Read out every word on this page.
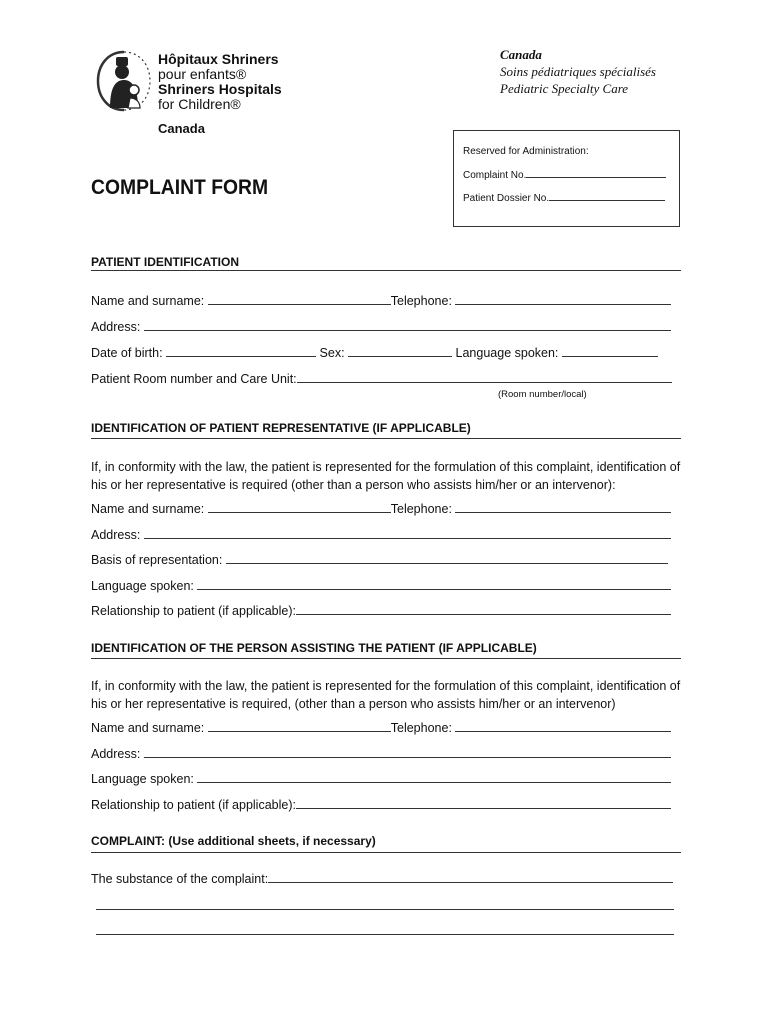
Hôpitaux Shriners
pour enfants®
Shriners Hospitals
for Children®
Canada
Canada
Soins pédiatriques spécialisés
Pediatric Specialty Care
Reserved for Administration:
Complaint No.
Patient Dossier No.
COMPLAINT FORM
PATIENT IDENTIFICATION
Name and surname:	Telephone:
Address:
Date of birth:	Sex:	Language spoken:
Patient Room number and Care Unit:
(Room number/local)
IDENTIFICATION OF PATIENT REPRESENTATIVE (IF APPLICABLE)
If, in conformity with the law, the patient is represented for the formulation of this complaint, identification of his or her representative is required (other than a person who assists him/her or an intervenor):
Name and surname:	Telephone:
Address:
Basis of representation:
Language spoken:
Relationship to patient (if applicable):
IDENTIFICATION OF THE PERSON ASSISTING THE PATIENT (IF APPLICABLE)
If, in conformity with the law, the patient is represented for the formulation of this complaint, identification of his or her representative is required, (other than a person who assists him/her or an intervenor)
Name and surname:	Telephone:
Address:
Language spoken:
Relationship to patient (if applicable):
COMPLAINT: (Use additional sheets, if necessary)
The substance of the complaint:
